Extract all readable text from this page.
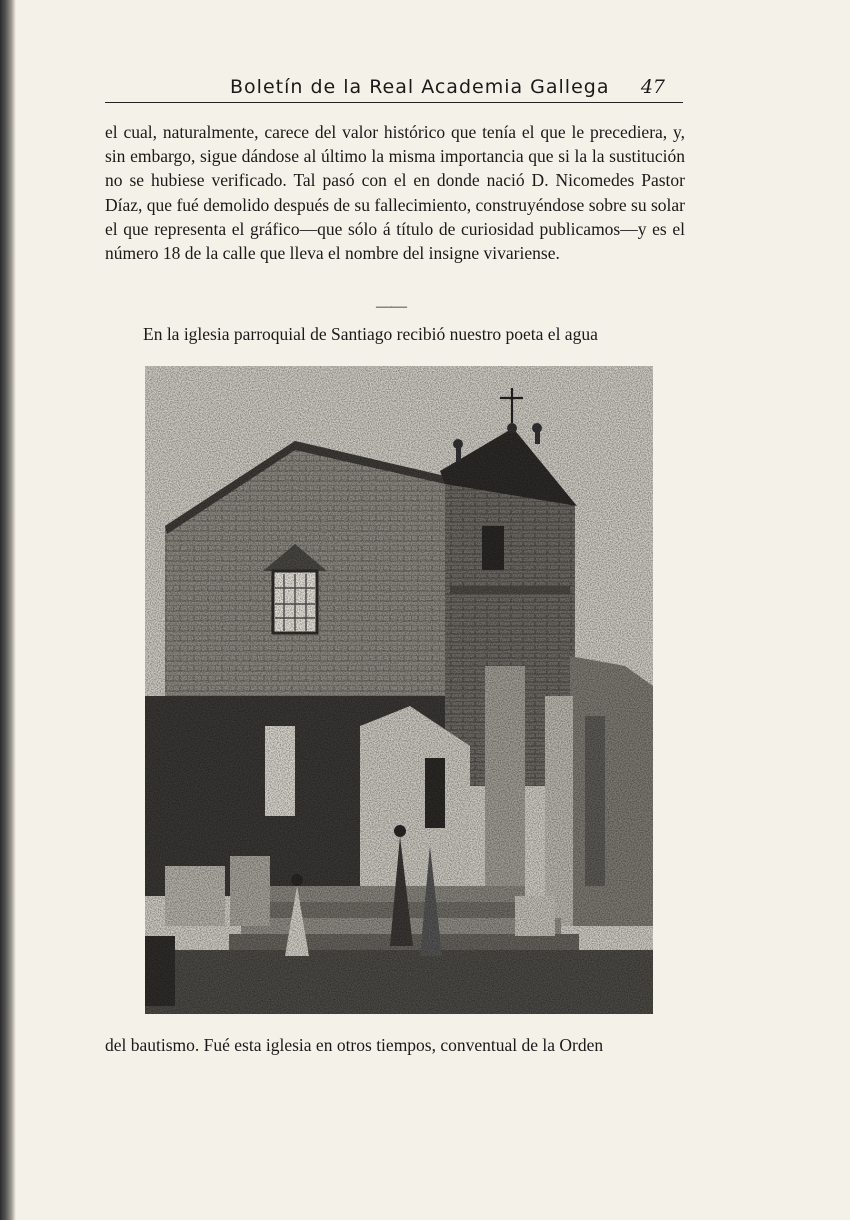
Boletín de la Real Academia Gallega 47

el cual, naturalmente, carece del valor histórico que tenía el que le precediera, y, sin embargo, sigue dándose al último la misma importancia que si la la sustitución no se hubiese verificado. Tal pasó con el en donde nació D. Nicomedes Pastor Díaz, que fué demolido después de su fallecimiento, construyéndose sobre su solar el que representa el gráfico—que sólo á título de curiosidad publicamos—y es el número 18 de la calle que lleva el nombre del insigne vivariense.

——

En la iglesia parroquial de Santiago recibió nuestro poeta el agua

del bautismo. Fué esta iglesia en otros tiempos, conventual de la Orden
